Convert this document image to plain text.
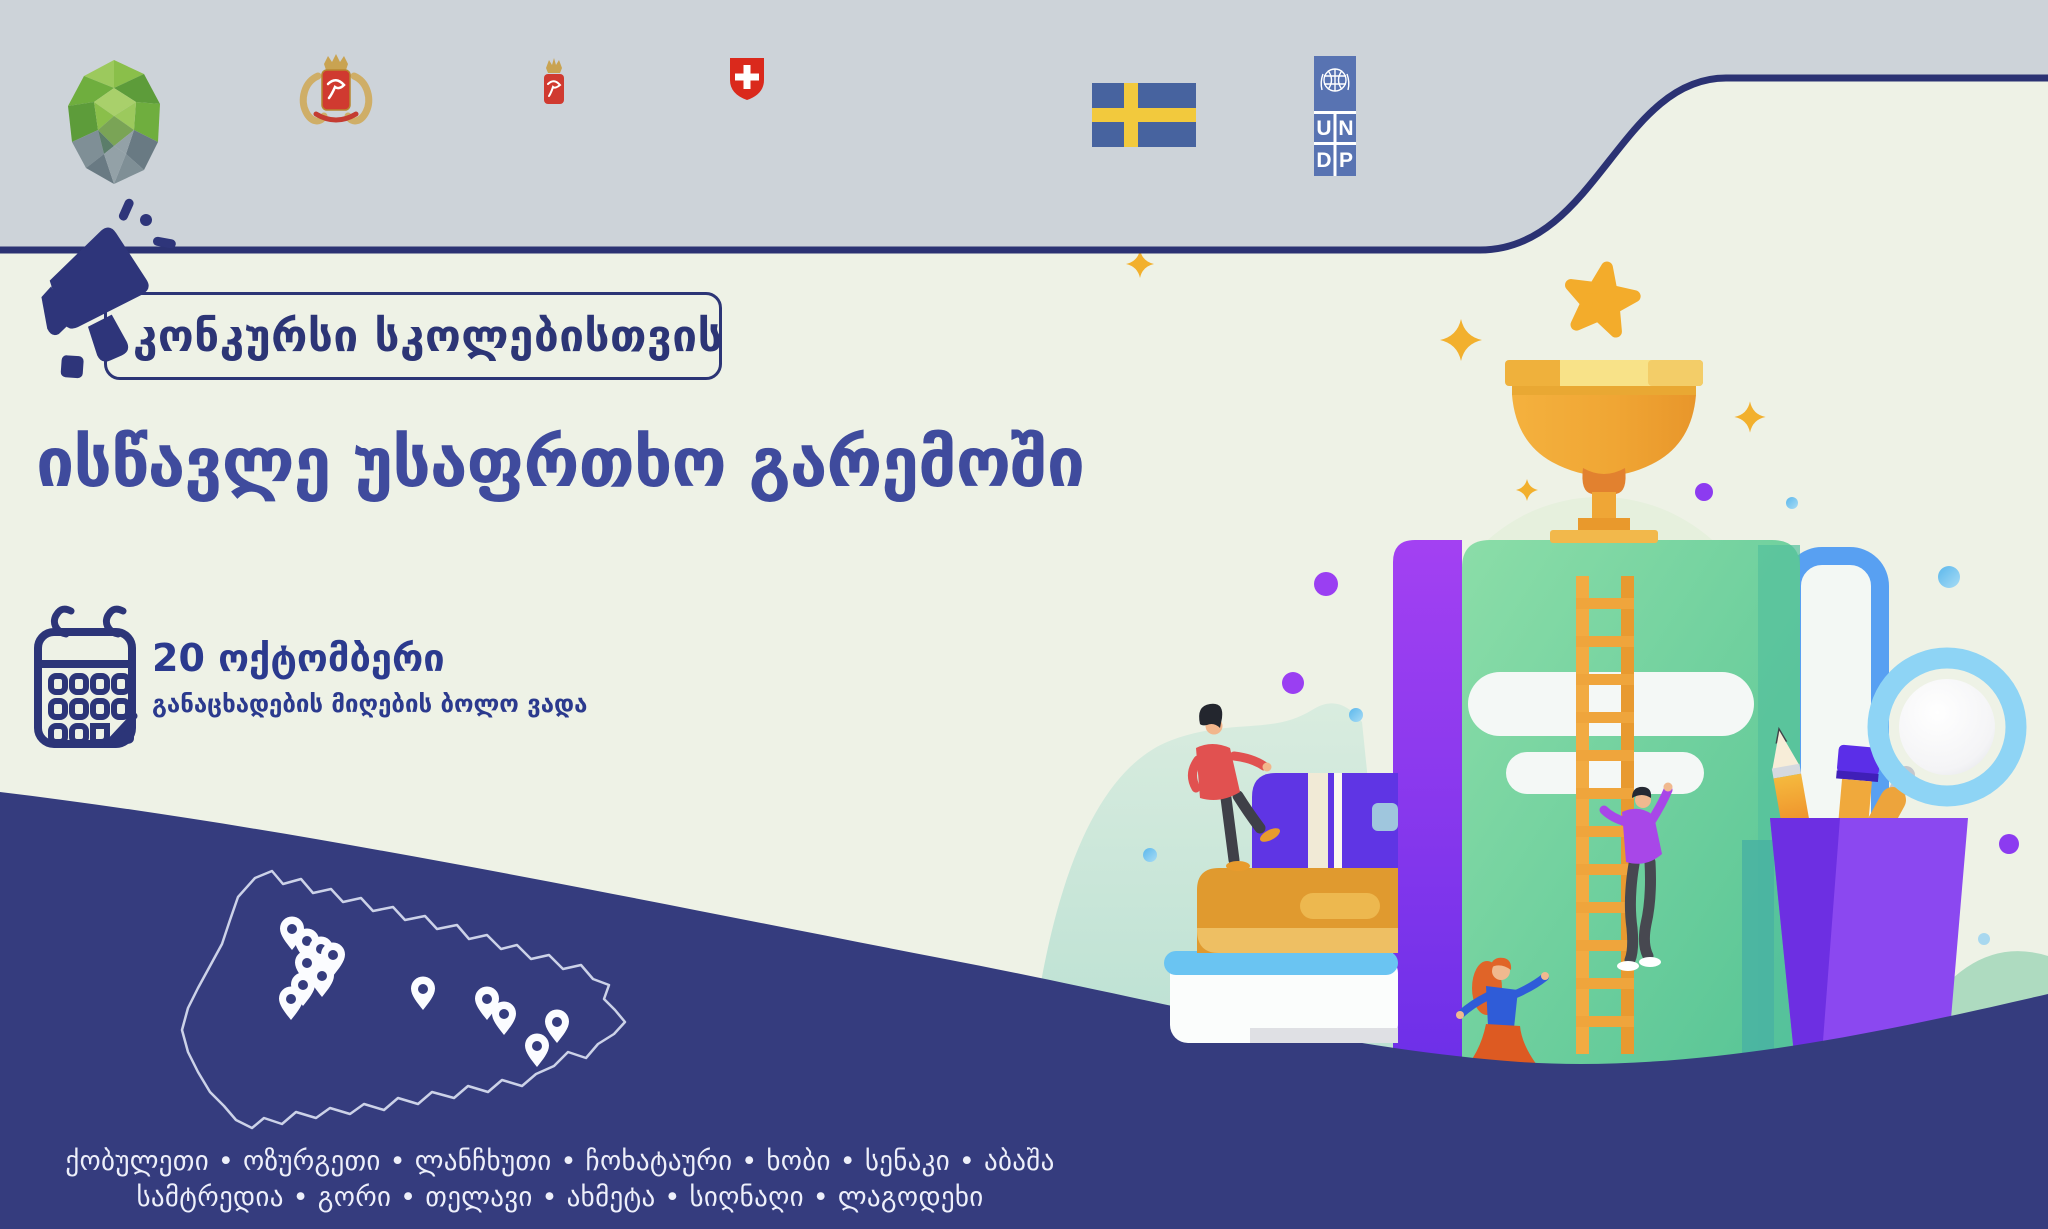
U N
D P
კონკურსი სკოლებისთვის
ისწავლე უსაფრთხო გარემოში
20 ოქტომბერი
განაცხადების მიღების ბოლო ვადა
ქობულეთი • ოზურგეთი • ლანჩხუთი • ჩოხატაური • ხობი • სენაკი • აბაშა
სამტრედია • გორი • თელავი • ახმეტა • სიღნაღი • ლაგოდეხი
